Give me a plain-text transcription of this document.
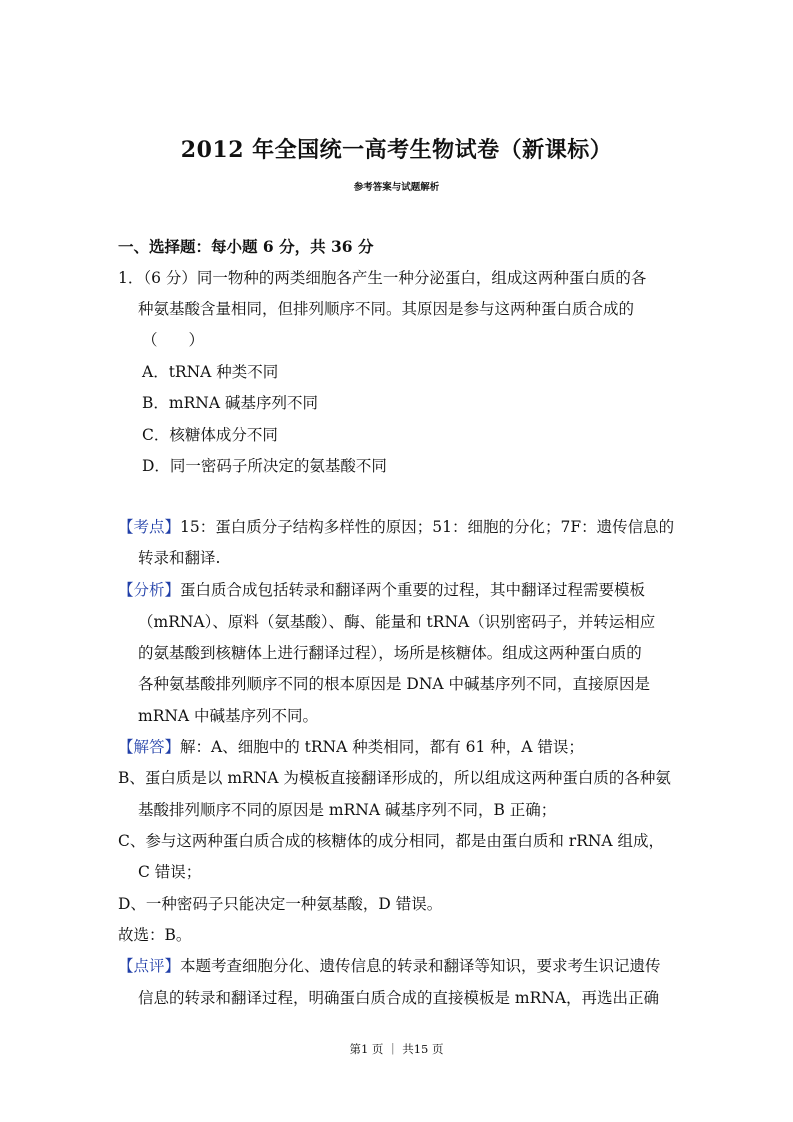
2012 年全国统一高考生物试卷（新课标）
参考答案与试题解析
一、选择题：每小题 6 分，共 36 分
1．（6 分）同一物种的两类细胞各产生一种分泌蛋白，组成这两种蛋白质的各
种氨基酸含量相同，但排列顺序不同。其原因是参与这两种蛋白质合成的
（　　）
A．tRNA 种类不同
B．mRNA 碱基序列不同
C．核糖体成分不同
D．同一密码子所决定的氨基酸不同
【考点】15：蛋白质分子结构多样性的原因；51：细胞的分化；7F：遗传信息的
转录和翻译.
【分析】蛋白质合成包括转录和翻译两个重要的过程，其中翻译过程需要模板
（mRNA）、原料（氨基酸）、酶、能量和 tRNA（识别密码子，并转运相应
的氨基酸到核糖体上进行翻译过程），场所是核糖体。组成这两种蛋白质的
各种氨基酸排列顺序不同的根本原因是 DNA 中碱基序列不同，直接原因是
mRNA 中碱基序列不同。
【解答】解：A、细胞中的 tRNA 种类相同，都有 61 种，A 错误；
B、蛋白质是以 mRNA 为模板直接翻译形成的，所以组成这两种蛋白质的各种氨
基酸排列顺序不同的原因是 mRNA 碱基序列不同，B 正确；
C、参与这两种蛋白质合成的核糖体的成分相同，都是由蛋白质和 rRNA 组成，
C 错误；
D、一种密码子只能决定一种氨基酸，D 错误。
故选：B。
【点评】本题考查细胞分化、遗传信息的转录和翻译等知识，要求考生识记遗传
信息的转录和翻译过程，明确蛋白质合成的直接模板是 mRNA，再选出正确
第1 页 ｜ 共15 页
